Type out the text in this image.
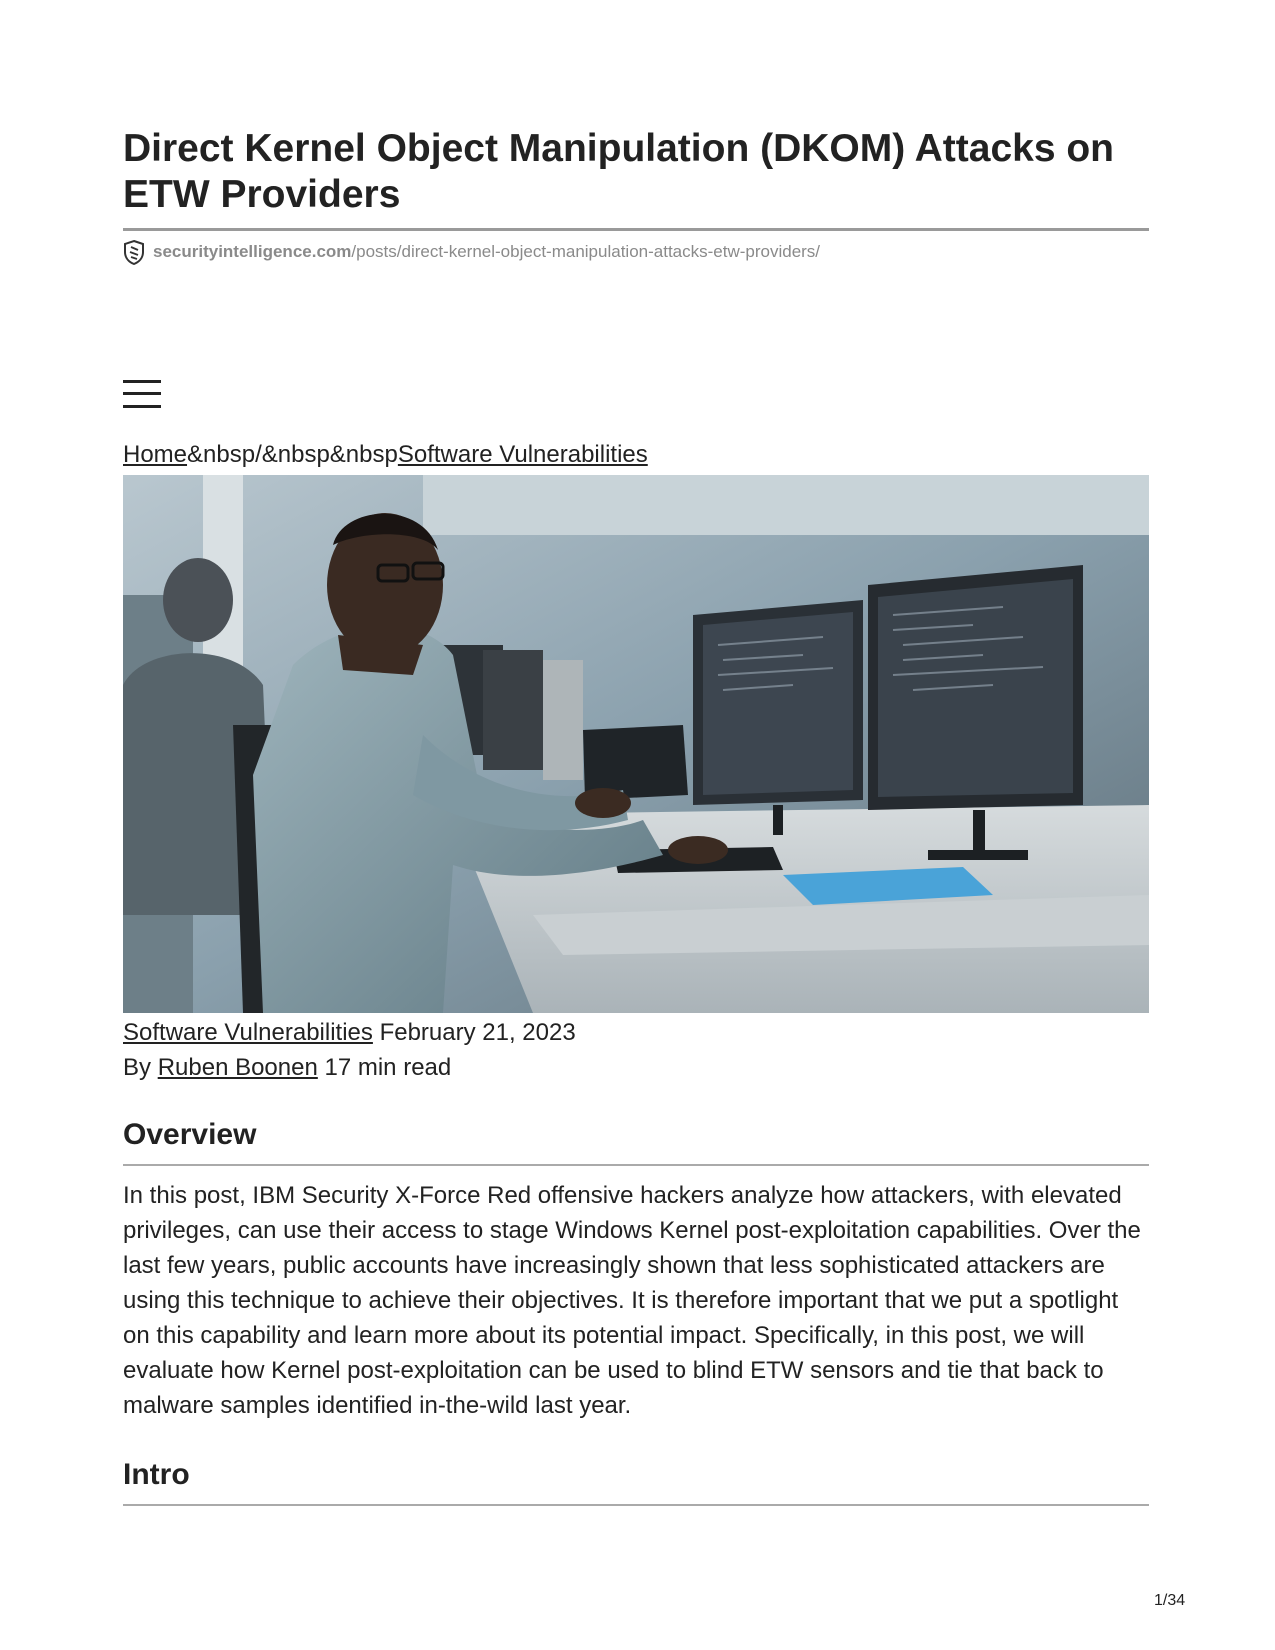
Direct Kernel Object Manipulation (DKOM) Attacks on ETW Providers
securityintelligence.com /posts/direct-kernel-object-manipulation-attacks-etw-providers/
Home&nbsp/&nbsp&nbspSoftware Vulnerabilities
Software Vulnerabilities February 21, 2023
By Ruben Boonen 17 min read
Overview

In this post, IBM Security X-Force Red offensive hackers analyze how attackers, with elevated privileges, can use their access to stage Windows Kernel post-exploitation capabilities. Over the last few years, public accounts have increasingly shown that less sophisticated attackers are using this technique to achieve their objectives. It is therefore important that we put a spotlight on this capability and learn more about its potential impact. Specifically, in this post, we will evaluate how Kernel post-exploitation can be used to blind ETW sensors and tie that back to malware samples identified in-the-wild last year.

Intro
1/34
